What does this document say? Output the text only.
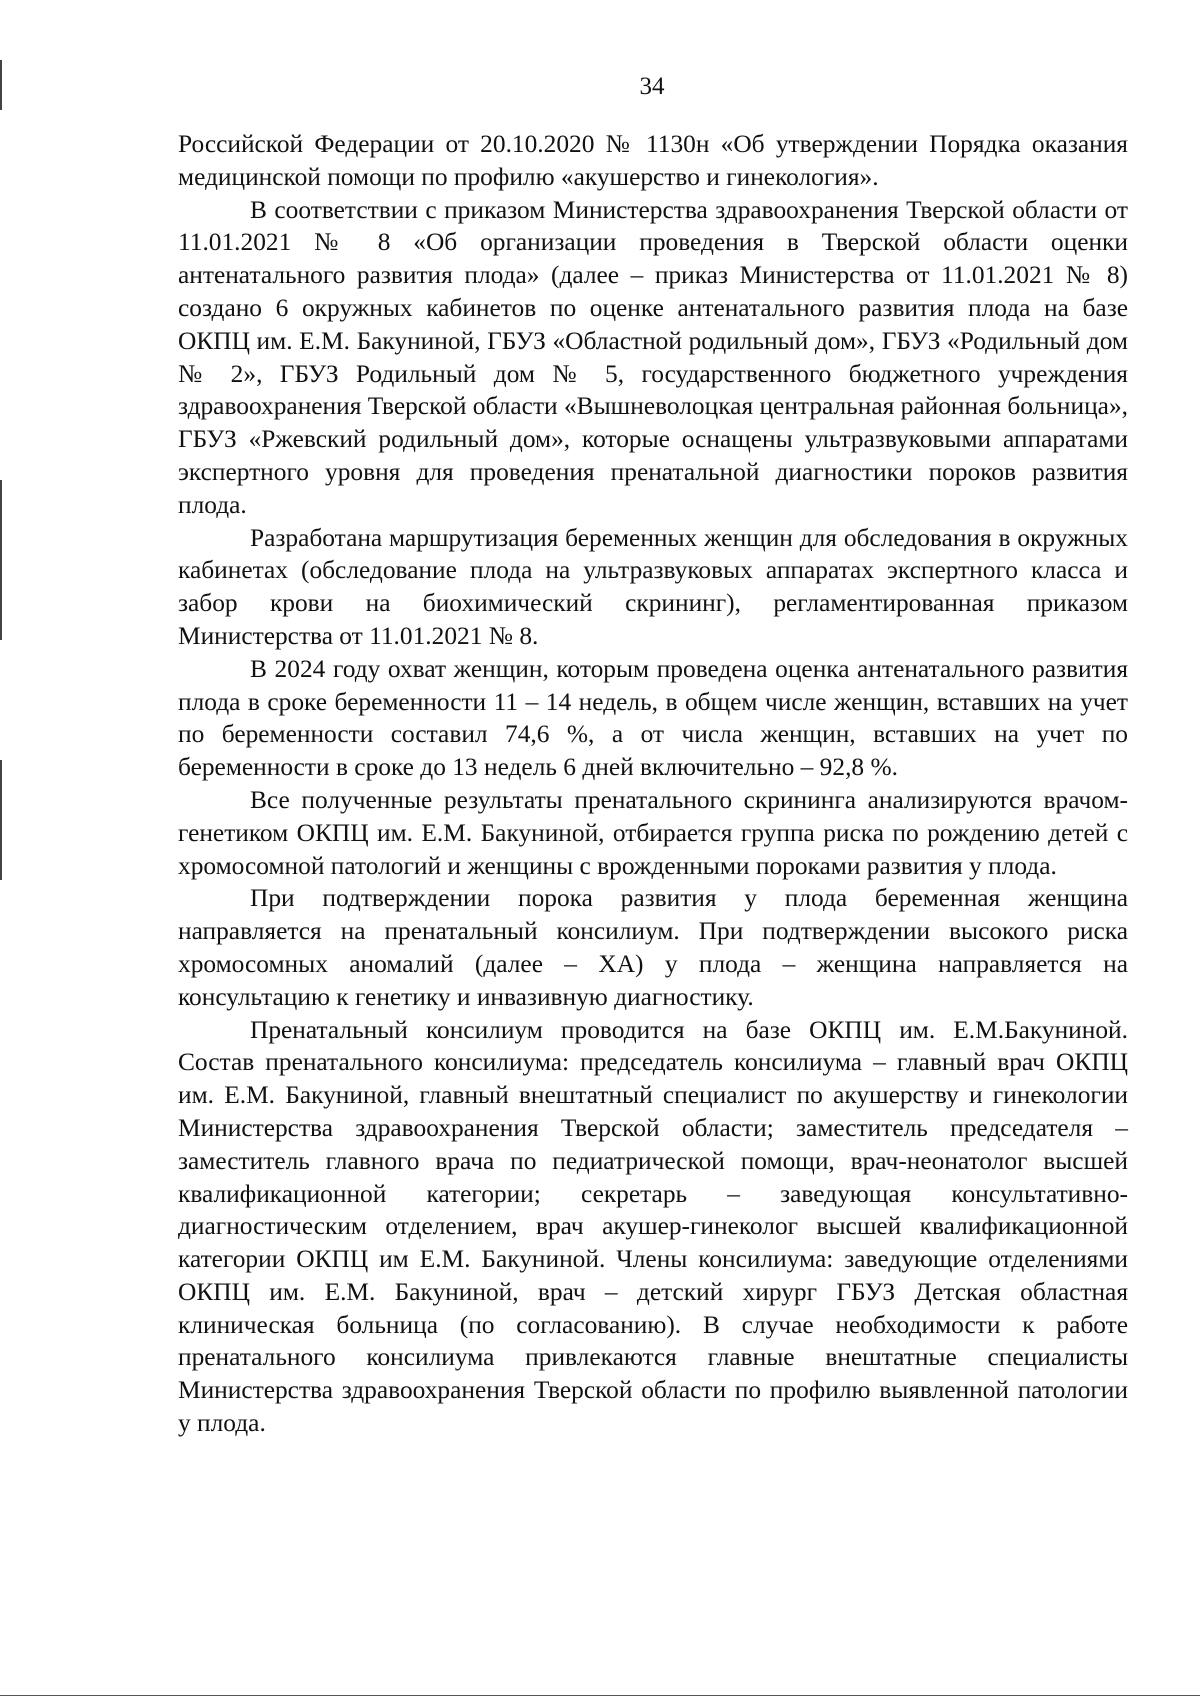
34

Российской Федерации от 20.10.2020 № 1130н «Об утверждении Порядка оказания медицинской помощи по профилю «акушерство и гинекология».

В соответствии с приказом Министерства здравоохранения Тверской области от 11.01.2021 № 8 «Об организации проведения в Тверской области оценки антенатального развития плода» (далее – приказ Министерства от 11.01.2021 № 8) создано 6 окружных кабинетов по оценке антенатального развития плода на базе ОКПЦ им. Е.М. Бакуниной, ГБУЗ «Областной родильный дом», ГБУЗ «Родильный дом № 2», ГБУЗ Родильный дом № 5, государственного бюджетного учреждения здравоохранения Тверской области «Вышневолоцкая центральная районная больница», ГБУЗ «Ржевский родильный дом», которые оснащены ультразвуковыми аппаратами экспертного уровня для проведения пренатальной диагностики пороков развития плода.

Разработана маршрутизация беременных женщин для обследования в окружных кабинетах (обследование плода на ультразвуковых аппаратах экспертного класса и забор крови на биохимический скрининг), регламентированная приказом Министерства от 11.01.2021 № 8.

В 2024 году охват женщин, которым проведена оценка антенатального развития плода в сроке беременности 11 – 14 недель, в общем числе женщин, вставших на учет по беременности составил 74,6 %, а от числа женщин, вставших на учет по беременности в сроке до 13 недель 6 дней включительно – 92,8 %.

Все полученные результаты пренатального скрининга анализируются врачом-генетиком ОКПЦ им. Е.М. Бакуниной, отбирается группа риска по рождению детей с хромосомной патологий и женщины с врожденными пороками развития у плода.

При подтверждении порока развития у плода беременная женщина направляется на пренатальный консилиум. При подтверждении высокого риска хромосомных аномалий (далее – ХА) у плода – женщина направляется на консультацию к генетику и инвазивную диагностику.

Пренатальный консилиум проводится на базе ОКПЦ им. Е.М.Бакуниной. Состав пренатального консилиума: председатель консилиума – главный врач ОКПЦ им. Е.М. Бакуниной, главный внештатный специалист по акушерству и гинекологии Министерства здравоохранения Тверской области; заместитель председателя – заместитель главного врача по педиатрической помощи, врач-неонатолог высшей квалификационной категории; секретарь – заведующая консультативно-диагностическим отделением, врач акушер-гинеколог высшей квалификационной категории ОКПЦ им Е.М. Бакуниной. Члены консилиума: заведующие отделениями ОКПЦ им. Е.М. Бакуниной, врач – детский хирург ГБУЗ Детская областная клиническая больница (по согласованию). В случае необходимости к работе пренатального консилиума привлекаются главные внештатные специалисты Министерства здравоохранения Тверской области по профилю выявленной патологии у плода.
